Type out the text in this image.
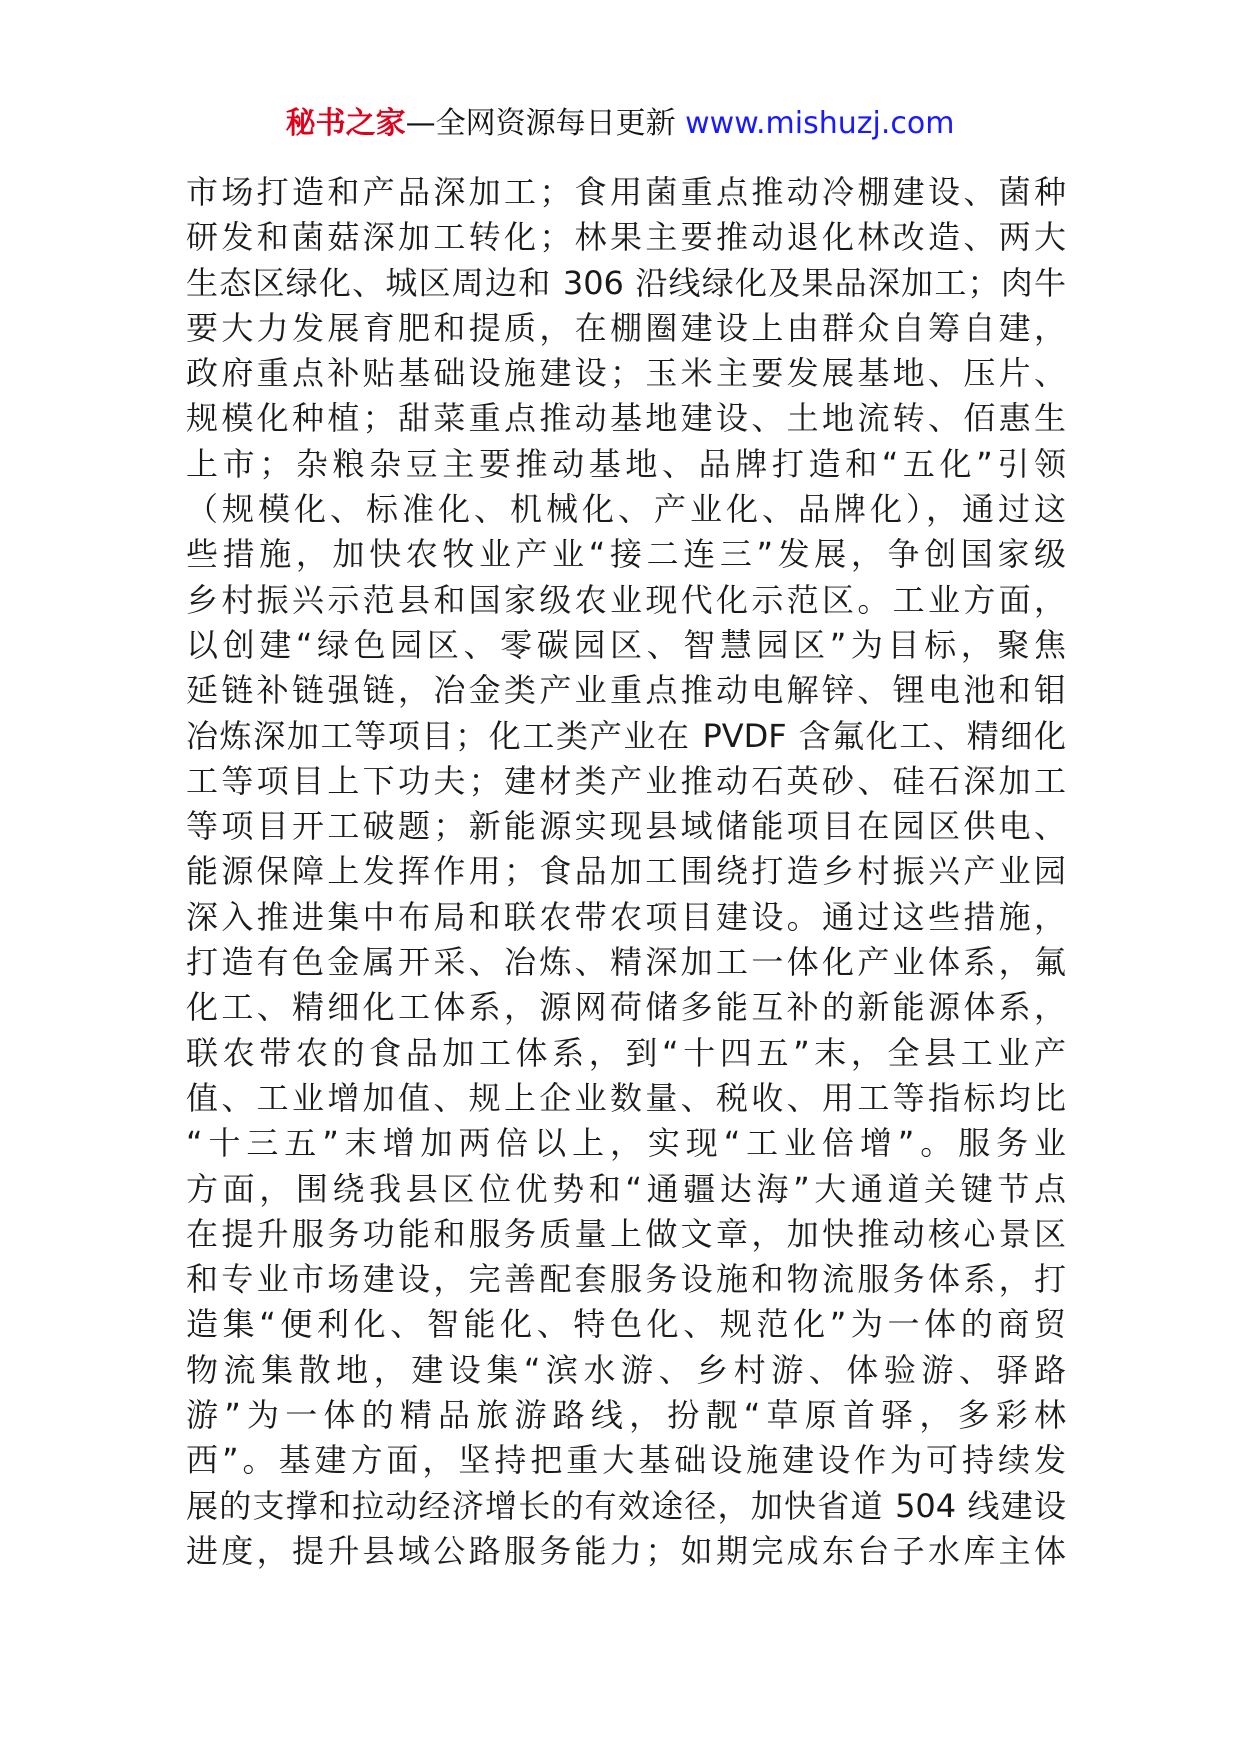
秘书之家—全网资源每日更新 www.mishuzj.com
市场打造和产品深加工；食用菌重点推动冷棚建设、菌种
研发和菌菇深加工转化；林果主要推动退化林改造、两大
生态区绿化、城区周边和 306 沿线绿化及果品深加工；肉牛
要大力发展育肥和提质，在棚圈建设上由群众自筹自建，
政府重点补贴基础设施建设；玉米主要发展基地、压片、
规模化种植；甜菜重点推动基地建设、土地流转、佰惠生
上市；杂粮杂豆主要推动基地、品牌打造和“五化”引领
（规模化、标准化、机械化、产业化、品牌化），通过这
些措施，加快农牧业产业“接二连三”发展，争创国家级
乡村振兴示范县和国家级农业现代化示范区。工业方面，
以创建“绿色园区、零碳园区、智慧园区”为目标，聚焦
延链补链强链，冶金类产业重点推动电解锌、锂电池和钼
冶炼深加工等项目；化工类产业在 PVDF 含氟化工、精细化
工等项目上下功夫；建材类产业推动石英砂、硅石深加工
等项目开工破题；新能源实现县域储能项目在园区供电、
能源保障上发挥作用；食品加工围绕打造乡村振兴产业园
深入推进集中布局和联农带农项目建设。通过这些措施，
打造有色金属开采、冶炼、精深加工一体化产业体系，氟
化工、精细化工体系，源网荷储多能互补的新能源体系，
联农带农的食品加工体系，到“十四五”末，全县工业产
值、工业增加值、规上企业数量、税收、用工等指标均比
“十三五”末增加两倍以上，实现“工业倍增”。服务业
方面，围绕我县区位优势和“通疆达海”大通道关键节点
在提升服务功能和服务质量上做文章，加快推动核心景区
和专业市场建设，完善配套服务设施和物流服务体系，打
造集“便利化、智能化、特色化、规范化”为一体的商贸
物流集散地，建设集“滨水游、乡村游、体验游、驿路
游”为一体的精品旅游路线，扮靓“草原首驿，多彩林
西”。基建方面，坚持把重大基础设施建设作为可持续发
展的支撑和拉动经济增长的有效途径，加快省道 504 线建设
进度，提升县域公路服务能力；如期完成东台子水库主体
